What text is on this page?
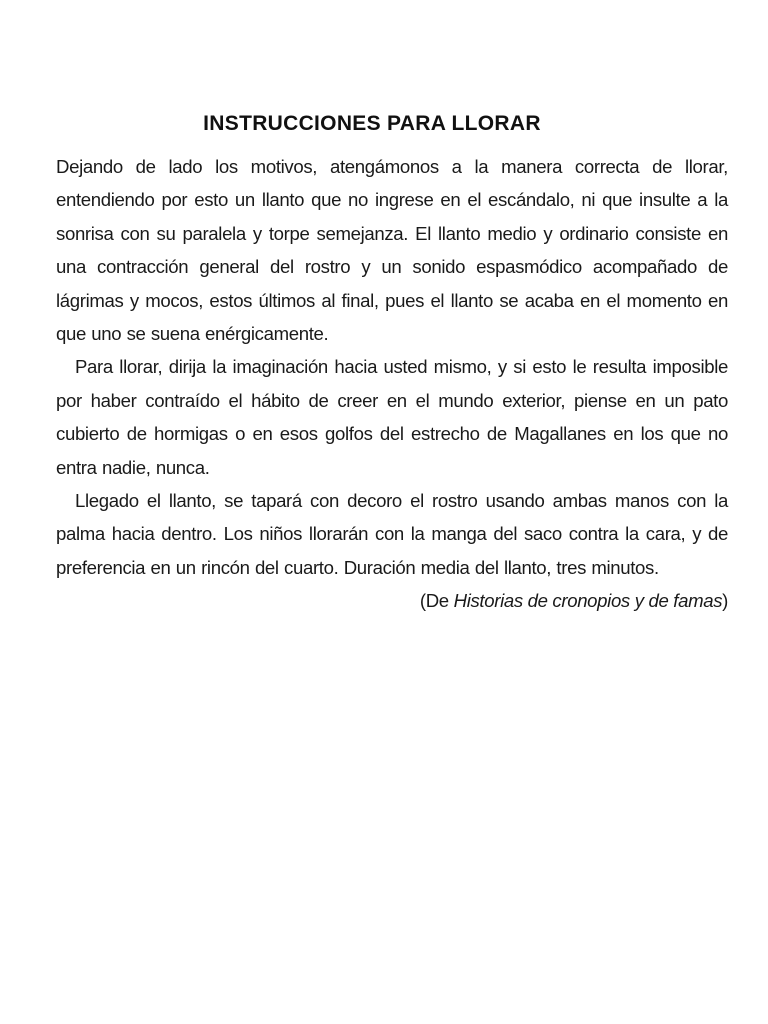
INSTRUCCIONES PARA LLORAR

Dejando de lado los motivos, atengámonos a la manera correcta de llorar, entendiendo por esto un llanto que no ingrese en el escándalo, ni que insulte a la sonrisa con su paralela y torpe semejanza. El llanto medio y ordinario consiste en una contracción general del rostro y un sonido espasmódico acompañado de lágrimas y mocos, estos últimos al final, pues el llanto se acaba en el momento en que uno se suena enérgicamente.

Para llorar, dirija la imaginación hacia usted mismo, y si esto le resulta imposible por haber contraído el hábito de creer en el mundo exterior, piense en un pato cubierto de hormigas o en esos golfos del estrecho de Magallanes en los que no entra nadie, nunca.

Llegado el llanto, se tapará con decoro el rostro usando ambas manos con la palma hacia dentro. Los niños llorarán con la manga del saco contra la cara, y de preferencia en un rincón del cuarto. Duración media del llanto, tres minutos.

(De Historias de cronopios y de famas)
